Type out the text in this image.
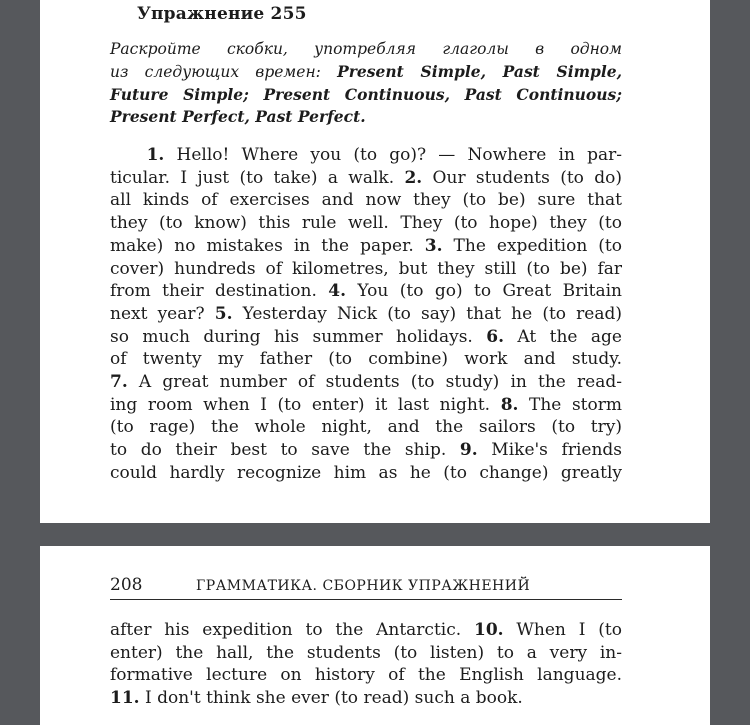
Упражнение 255
Раскройте скобки, употребляя глаголы в одном
из следующих времен: Present Simple, Past Simple,
Future Simple; Present Continuous, Past Continuous;
Present Perfect, Past Perfect.
1. Hello! Where you (to go)? — Nowhere in par-
ticular. I just (to take) a walk. 2. Our students (to do)
all kinds of exercises and now they (to be) sure that
they (to know) this rule well. They (to hope) they (to
make) no mistakes in the paper. 3. The expedition (to
cover) hundreds of kilometres, but they still (to be) far
from their destination. 4. You (to go) to Great Britain
next year? 5. Yesterday Nick (to say) that he (to read)
so much during his summer holidays. 6. At the age
of twenty my father (to combine) work and study.
7. A great number of students (to study) in the read-
ing room when I (to enter) it last night. 8. The storm
(to rage) the whole night, and the sailors (to try)
to do their best to save the ship. 9. Mike's friends
could hardly recognize him as he (to change) greatly
208	ГРАММАТИКА. СБОРНИК УПРАЖНЕНИЙ
after his expedition to the Antarctic. 10. When I (to
enter) the hall, the students (to listen) to a very in-
formative lecture on history of the English language.
11. I don't think she ever (to read) such a book.
